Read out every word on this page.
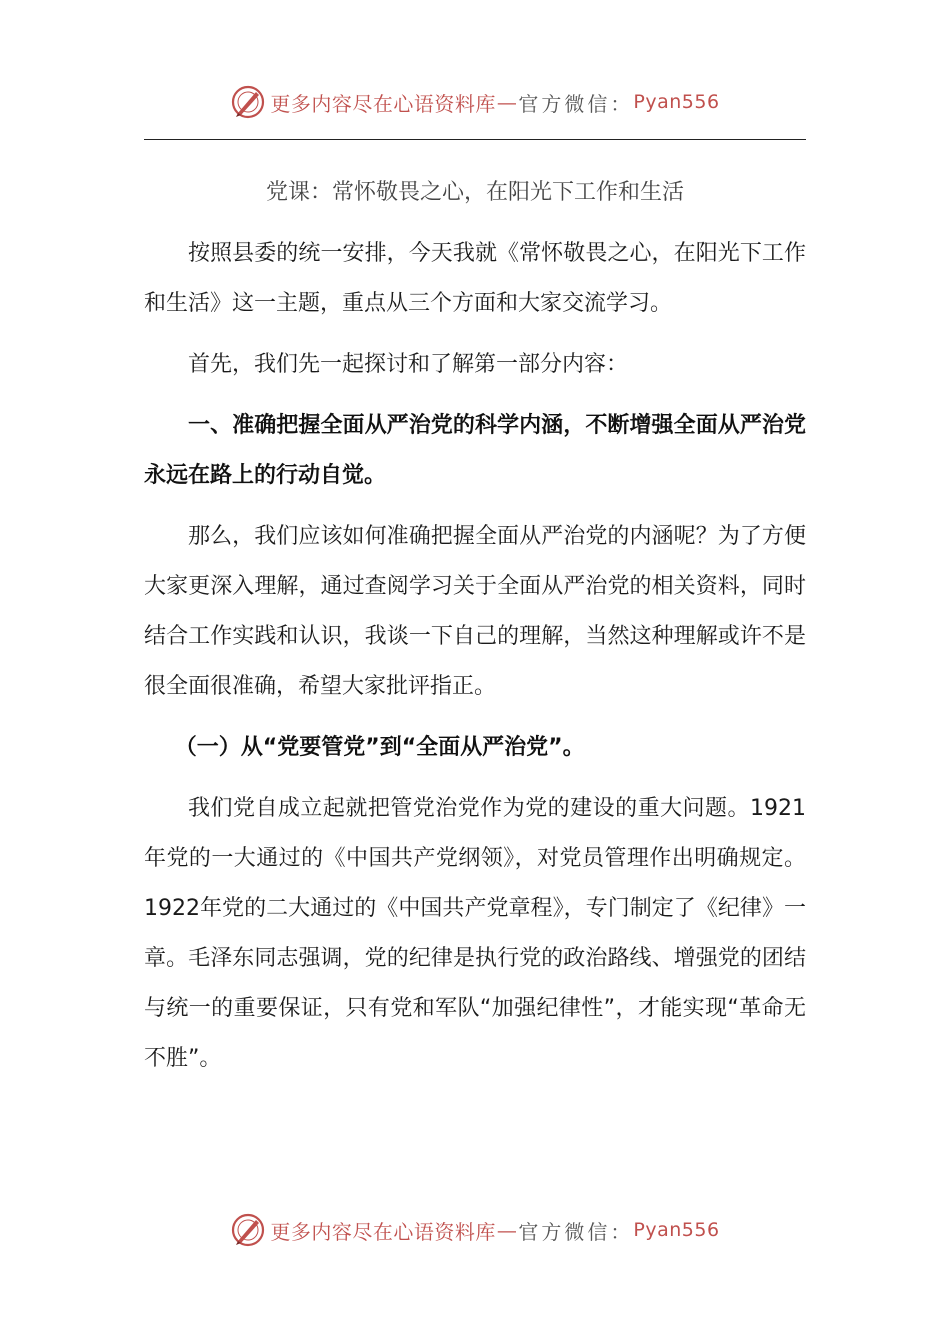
更多内容尽在心语资料库 — 官方微信： Pyan556
党课：常怀敬畏之心，在阳光下工作和生活

按照县委的统一安排，今天我就《常怀敬畏之心，在阳光下工作和生活》这一主题，重点从三个方面和大家交流学习。

首先，我们先一起探讨和了解第一部分内容：

一、准确把握全面从严治党的科学内涵，不断增强全面从严治党永远在路上的行动自觉。

那么，我们应该如何准确把握全面从严治党的内涵呢？为了方便大家更深入理解，通过查阅学习关于全面从严治党的相关资料，同时结合工作实践和认识，我谈一下自己的理解，当然这种理解或许不是很全面很准确，希望大家批评指正。

（一）从“党要管党”到“全面从严治党”。

我们党自成立起就把管党治党作为党的建设的重大问题。1921年党的一大通过的《中国共产党纲领》，对党员管理作出明确规定。1922年党的二大通过的《中国共产党章程》，专门制定了《纪律》一章。毛泽东同志强调，党的纪律是执行党的政治路线、增强党的团结与统一的重要保证，只有党和军队“加强纪律性”，才能实现“革命无不胜”。

更多内容尽在心语资料库 — 官方微信： Pyan556
